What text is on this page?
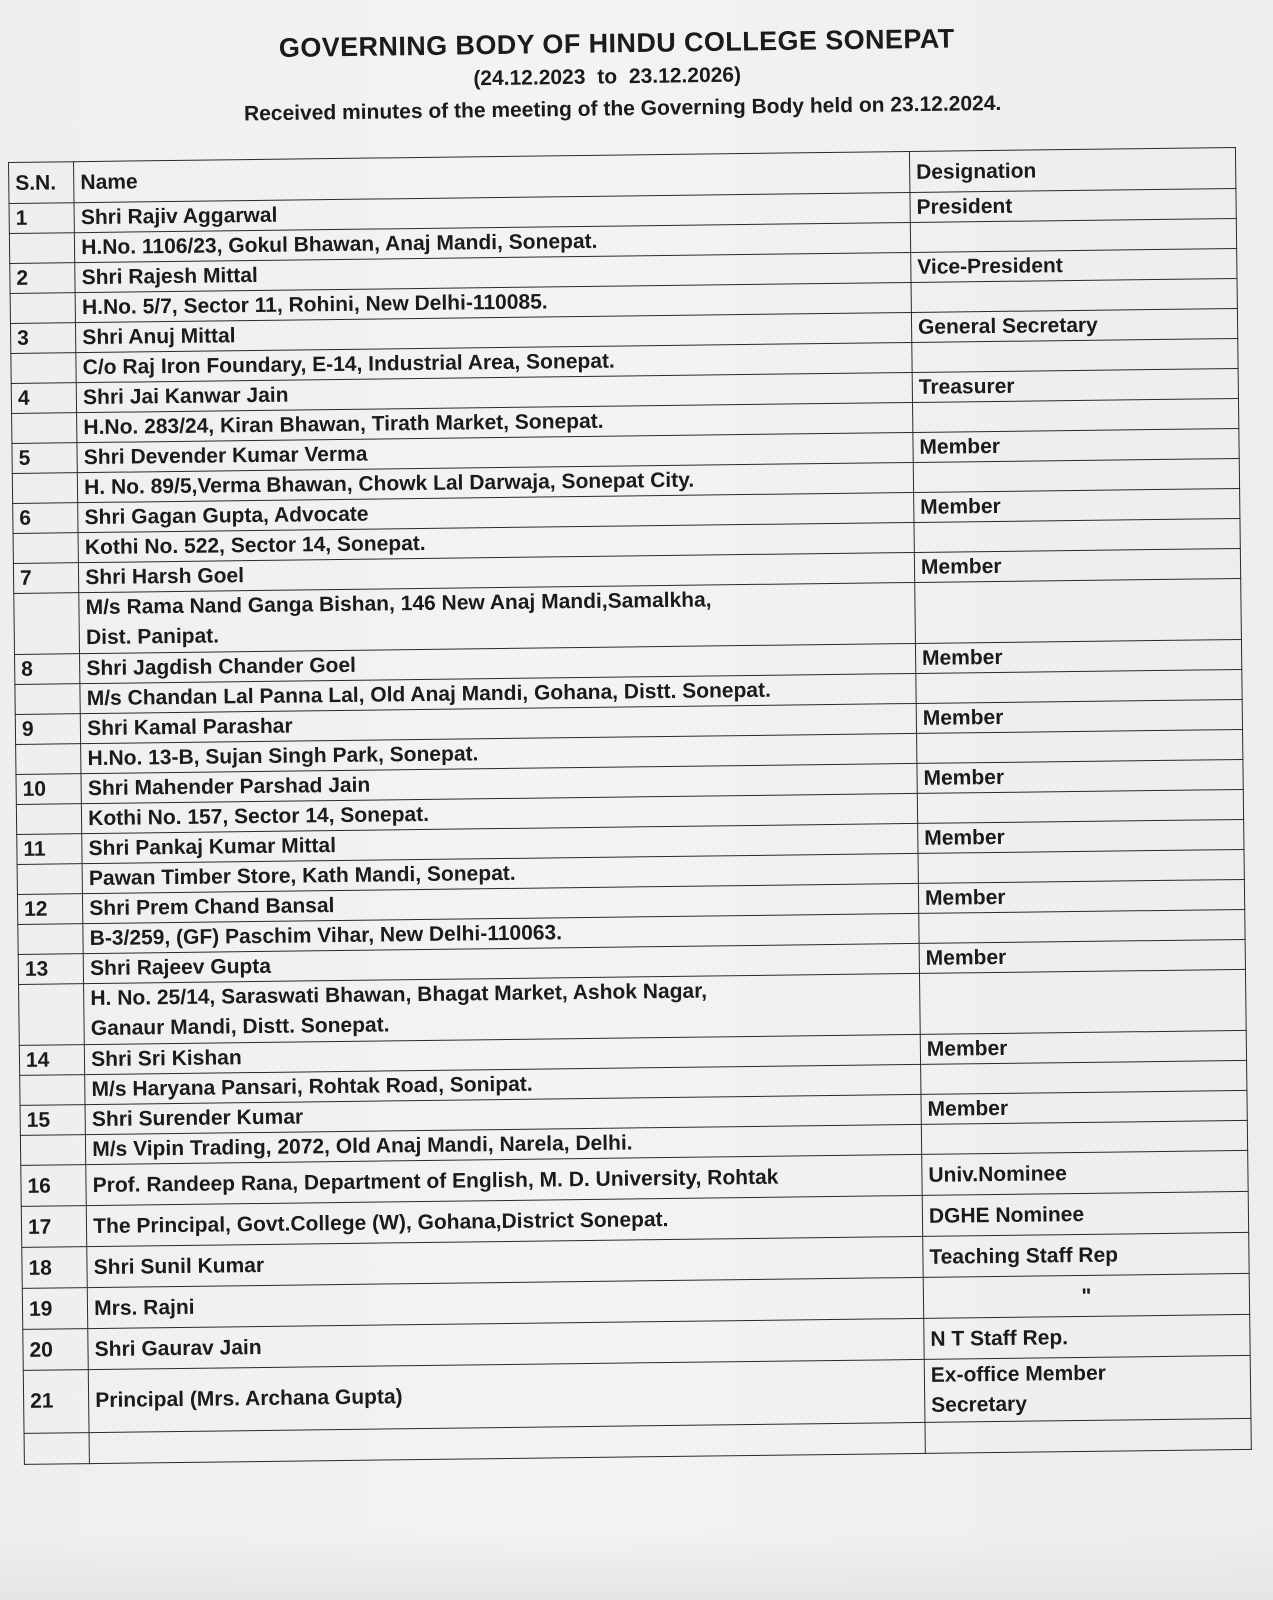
GOVERNING BODY OF HINDU COLLEGE SONEPAT
(24.12.2023 to 23.12.2026)
Received minutes of the meeting of the Governing Body held on 23.12.2024.
S.N.	Name	Designation
1	Shri Rajiv Aggarwal	President

	H.No. 1106/23, Gokul Bhawan, Anaj Mandi, Sonepat.	

2	Shri Rajesh Mittal	Vice-President

	H.No. 5/7, Sector 11, Rohini, New Delhi-110085.	

3	Shri Anuj Mittal	General Secretary

	C/o Raj Iron Foundary, E-14, Industrial Area, Sonepat.	

4	Shri Jai Kanwar Jain	Treasurer

	H.No. 283/24, Kiran Bhawan, Tirath Market, Sonepat.	

5	Shri Devender Kumar Verma	Member

	H. No. 89/5,Verma Bhawan, Chowk Lal Darwaja, Sonepat City.	

6	Shri Gagan Gupta, Advocate	Member

	Kothi No. 522, Sector 14, Sonepat.	

7	Shri Harsh Goel	Member

	M/s Rama Nand Ganga Bishan, 146 New Anaj Mandi,Samalkha,
Dist. Panipat.	

8	Shri Jagdish Chander Goel	Member

	M/s Chandan Lal Panna Lal, Old Anaj Mandi, Gohana, Distt. Sonepat.	

9	Shri Kamal Parashar	Member

	H.No. 13-B, Sujan Singh Park, Sonepat.	

10	Shri Mahender Parshad Jain	Member

	Kothi No. 157, Sector 14, Sonepat.	

11	Shri Pankaj Kumar Mittal	Member

	Pawan Timber Store, Kath Mandi, Sonepat.	

12	Shri Prem Chand Bansal	Member

	B-3/259, (GF) Paschim Vihar, New Delhi-110063.	

13	Shri Rajeev Gupta	Member

	H. No. 25/14, Saraswati Bhawan, Bhagat Market, Ashok Nagar,
Ganaur Mandi, Distt. Sonepat.	

14	Shri Sri Kishan	Member

	M/s Haryana Pansari, Rohtak Road, Sonipat.	

15	Shri Surender Kumar	Member

	M/s Vipin Trading, 2072, Old Anaj Mandi, Narela, Delhi.	

16	Prof. Randeep Rana, Department of English, M. D. University, Rohtak	Univ.Nominee
17	The Principal, Govt.College (W), Gohana,District Sonepat.	DGHE Nominee
18	Shri Sunil Kumar	Teaching Staff Rep
19	Mrs. Rajni	"
20	Shri Gaurav Jain	N T Staff Rep.
21	Principal (Mrs. Archana Gupta)	Ex-office Member
Secretary
